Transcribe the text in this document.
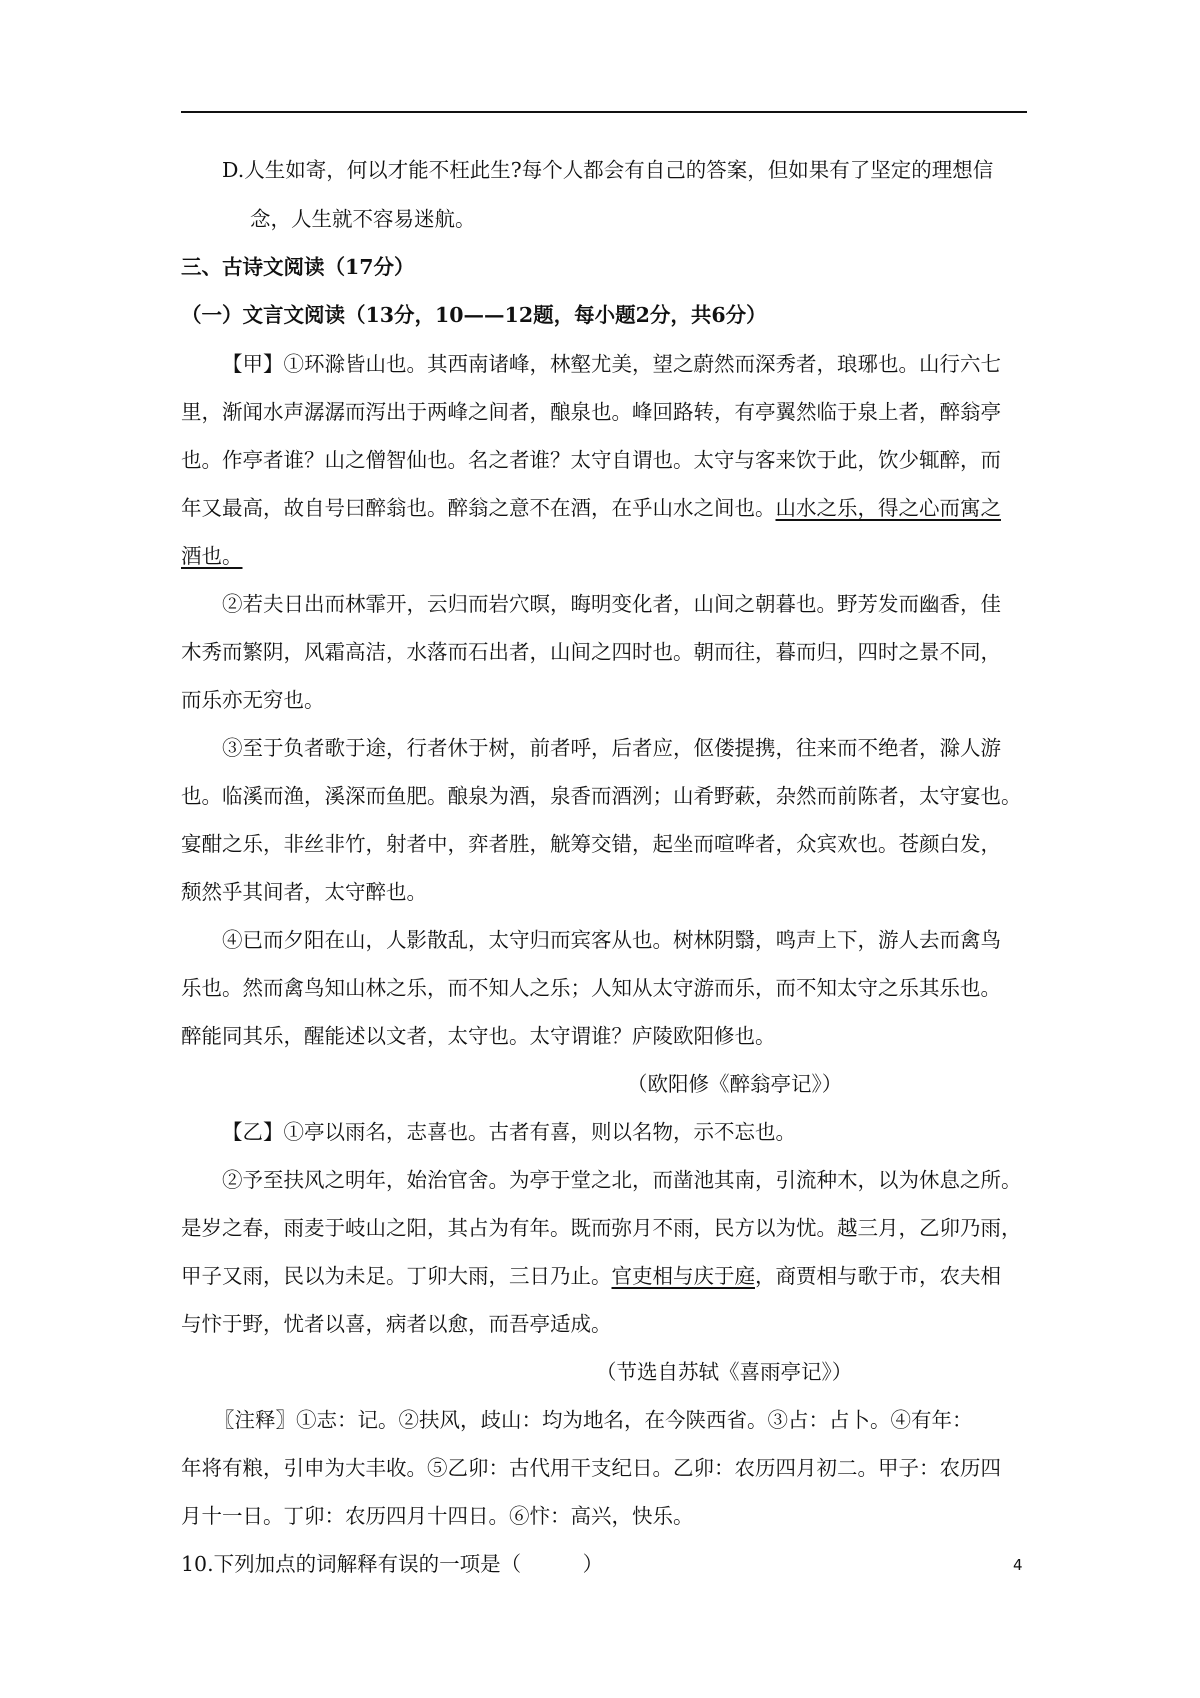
D.人生如寄，何以才能不枉此生?每个人都会有自己的答案，但如果有了坚定的理想信
念，人生就不容易迷航。
三、古诗文阅读（17分）
（一）文言文阅读（13分，10——12题，每小题2分，共6分）
【甲】①环滁皆山也。其西南诸峰，林壑尤美，望之蔚然而深秀者，琅琊也。山行六七
里，渐闻水声潺潺而泻出于两峰之间者，酿泉也。峰回路转，有亭翼然临于泉上者，醉翁亭
也。作亭者谁？山之僧智仙也。名之者谁？太守自谓也。太守与客来饮于此，饮少辄醉，而
年又最高，故自号曰醉翁也。醉翁之意不在酒，在乎山水之间也。山水之乐，得之心而寓之
酒也。
②若夫日出而林霏开，云归而岩穴暝，晦明变化者，山间之朝暮也。野芳发而幽香，佳
木秀而繁阴，风霜高洁，水落而石出者，山间之四时也。朝而往，暮而归，四时之景不同，
而乐亦无穷也。
③至于负者歌于途，行者休于树，前者呼，后者应，伛偻提携，往来而不绝者，滁人游
也。临溪而渔，溪深而鱼肥。酿泉为酒，泉香而酒洌；山肴野蔌，杂然而前陈者，太守宴也。
宴酣之乐，非丝非竹，射者中，弈者胜，觥筹交错，起坐而喧哗者，众宾欢也。苍颜白发，
颓然乎其间者，太守醉也。
④已而夕阳在山，人影散乱，太守归而宾客从也。树林阴翳，鸣声上下，游人去而禽鸟
乐也。然而禽鸟知山林之乐，而不知人之乐；人知从太守游而乐，而不知太守之乐其乐也。
醉能同其乐，醒能述以文者，太守也。太守谓谁？庐陵欧阳修也。
（欧阳修《醉翁亭记》）
【乙】①亭以雨名，志喜也。古者有喜，则以名物，示不忘也。
②予至扶风之明年，始治官舍。为亭于堂之北，而凿池其南，引流种木，以为休息之所。
是岁之春，雨麦于岐山之阳，其占为有年。既而弥月不雨，民方以为忧。越三月，乙卯乃雨，
甲子又雨，民以为未足。丁卯大雨，三日乃止。官吏相与庆于庭，商贾相与歌于市，农夫相
与忭于野，忧者以喜，病者以愈，而吾亭适成。
（节选自苏轼《喜雨亭记》）
〖注释〗①志：记。②扶风，歧山：均为地名，在今陕西省。③占：占卜。④有年：
年将有粮，引申为大丰收。⑤乙卯：古代用干支纪日。乙卯：农历四月初二。甲子：农历四
月十一日。丁卯：农历四月十四日。⑥忭：高兴，快乐。
10.下列加点的词解释有误的一项是（　　　）	4
